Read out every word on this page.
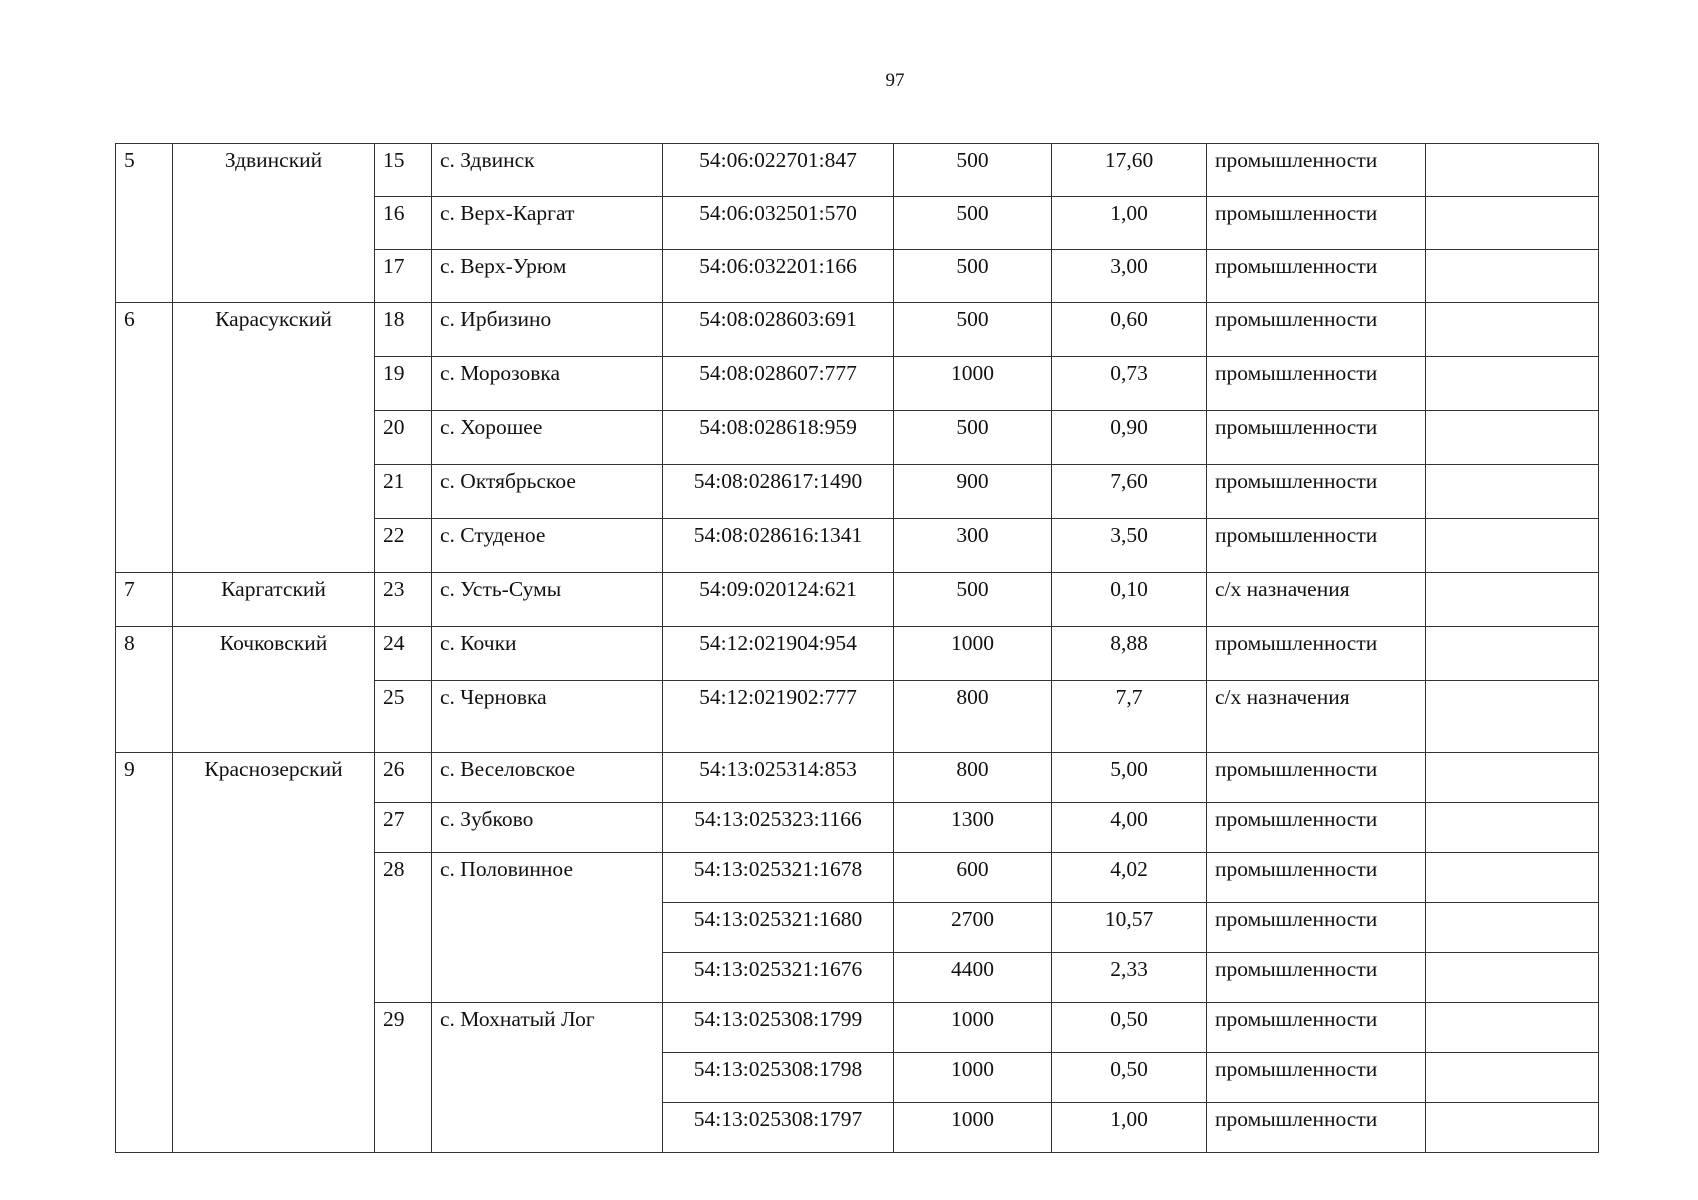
97
5	Здвинский	15	с. Здвинск	54:06:022701:847	500	17,60	промышленности	
		16	с. Верх-Каргат	54:06:032501:570	500	1,00	промышленности	
		17	с. Верх-Урюм	54:06:032201:166	500	3,00	промышленности	
6	Карасукский	18	с. Ирбизино	54:08:028603:691	500	0,60	промышленности	
		19	с. Морозовка	54:08:028607:777	1000	0,73	промышленности	
		20	с. Хорошее	54:08:028618:959	500	0,90	промышленности	
		21	с. Октябрьское	54:08:028617:1490	900	7,60	промышленности	
		22	с. Студеное	54:08:028616:1341	300	3,50	промышленности	
7	Каргатский	23	с. Усть-Сумы	54:09:020124:621	500	0,10	с/х назначения	
8	Кочковский	24	с. Кочки	54:12:021904:954	1000	8,88	промышленности	
		25	с. Черновка	54:12:021902:777	800	7,7	с/х назначения	
9	Краснозерский	26	с. Веселовское	54:13:025314:853	800	5,00	промышленности	
		27	с. Зубково	54:13:025323:1166	1300	4,00	промышленности	
		28	с. Половинное	54:13:025321:1678	600	4,02	промышленности	
				54:13:025321:1680	2700	10,57	промышленности	
				54:13:025321:1676	4400	2,33	промышленности	
		29	с. Мохнатый Лог	54:13:025308:1799	1000	0,50	промышленности	
				54:13:025308:1798	1000	0,50	промышленности	
				54:13:025308:1797	1000	1,00	промышленности	
